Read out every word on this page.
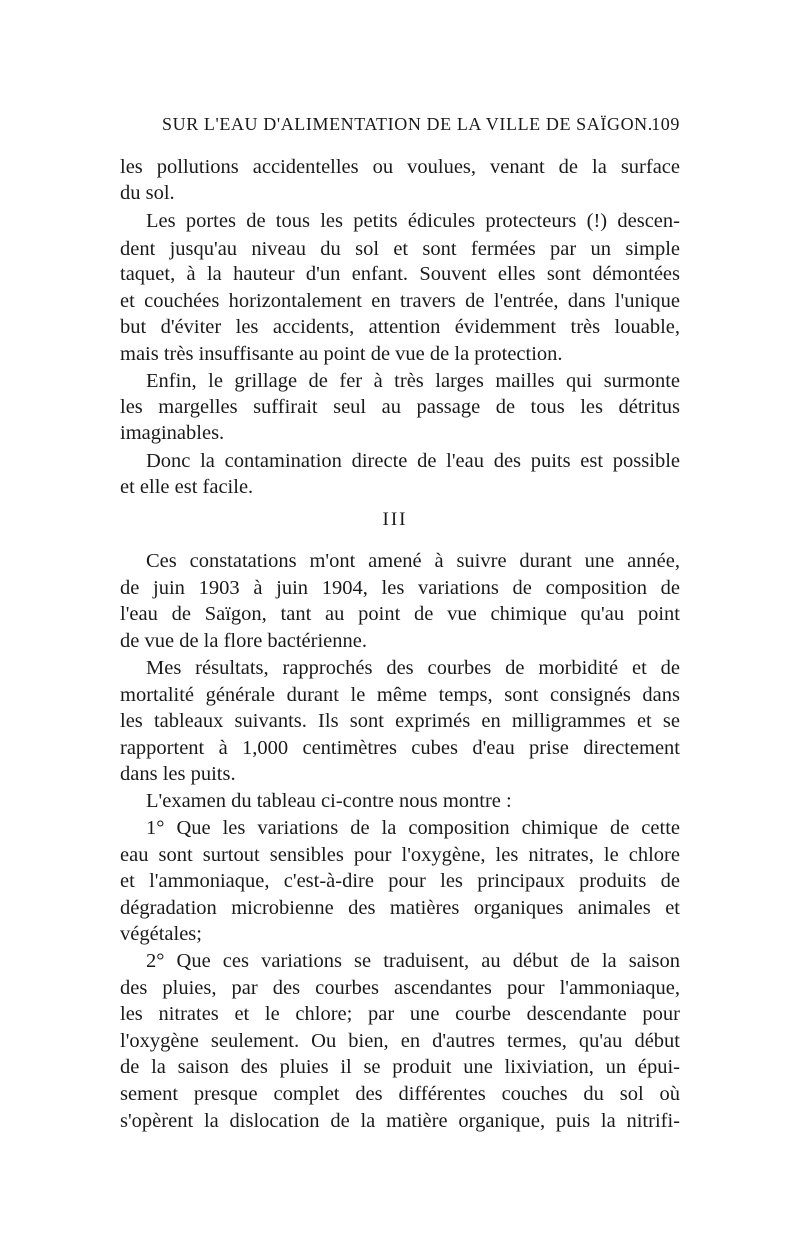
SUR L'EAU D'ALIMENTATION DE LA VILLE DE SAÏGON.
109
les pollutions accidentelles ou voulues, venant de la surface
du sol.
Les portes de tous les petits édicules protecteurs (!) descen-
dent jusqu'au niveau du sol et sont fermées par un simple
taquet, à la hauteur d'un enfant. Souvent elles sont démontées
et couchées horizontalement en travers de l'entrée, dans l'unique
but d'éviter les accidents, attention évidemment très louable,
mais très insuffisante au point de vue de la protection.
Enfin, le grillage de fer à très larges mailles qui surmonte
les margelles suffirait seul au passage de tous les détritus
imaginables.
Donc la contamination directe de l'eau des puits est possible
et elle est facile.
III
Ces constatations m'ont amené à suivre durant une année,
de juin 1903 à juin 1904, les variations de composition de
l'eau de Saïgon, tant au point de vue chimique qu'au point
de vue de la flore bactérienne.
Mes résultats, rapprochés des courbes de morbidité et de
mortalité générale durant le même temps, sont consignés dans
les tableaux suivants. Ils sont exprimés en milligrammes et se
rapportent à 1,000 centimètres cubes d'eau prise directement
dans les puits.
L'examen du tableau ci-contre nous montre :
1° Que les variations de la composition chimique de cette
eau sont surtout sensibles pour l'oxygène, les nitrates, le chlore
et l'ammoniaque, c'est-à-dire pour les principaux produits de
dégradation microbienne des matières organiques animales et
végétales;
2° Que ces variations se traduisent, au début de la saison
des pluies, par des courbes ascendantes pour l'ammoniaque,
les nitrates et le chlore; par une courbe descendante pour
l'oxygène seulement. Ou bien, en d'autres termes, qu'au début
de la saison des pluies il se produit une lixiviation, un épui-
sement presque complet des différentes couches du sol où
s'opèrent la dislocation de la matière organique, puis la nitrifi-
